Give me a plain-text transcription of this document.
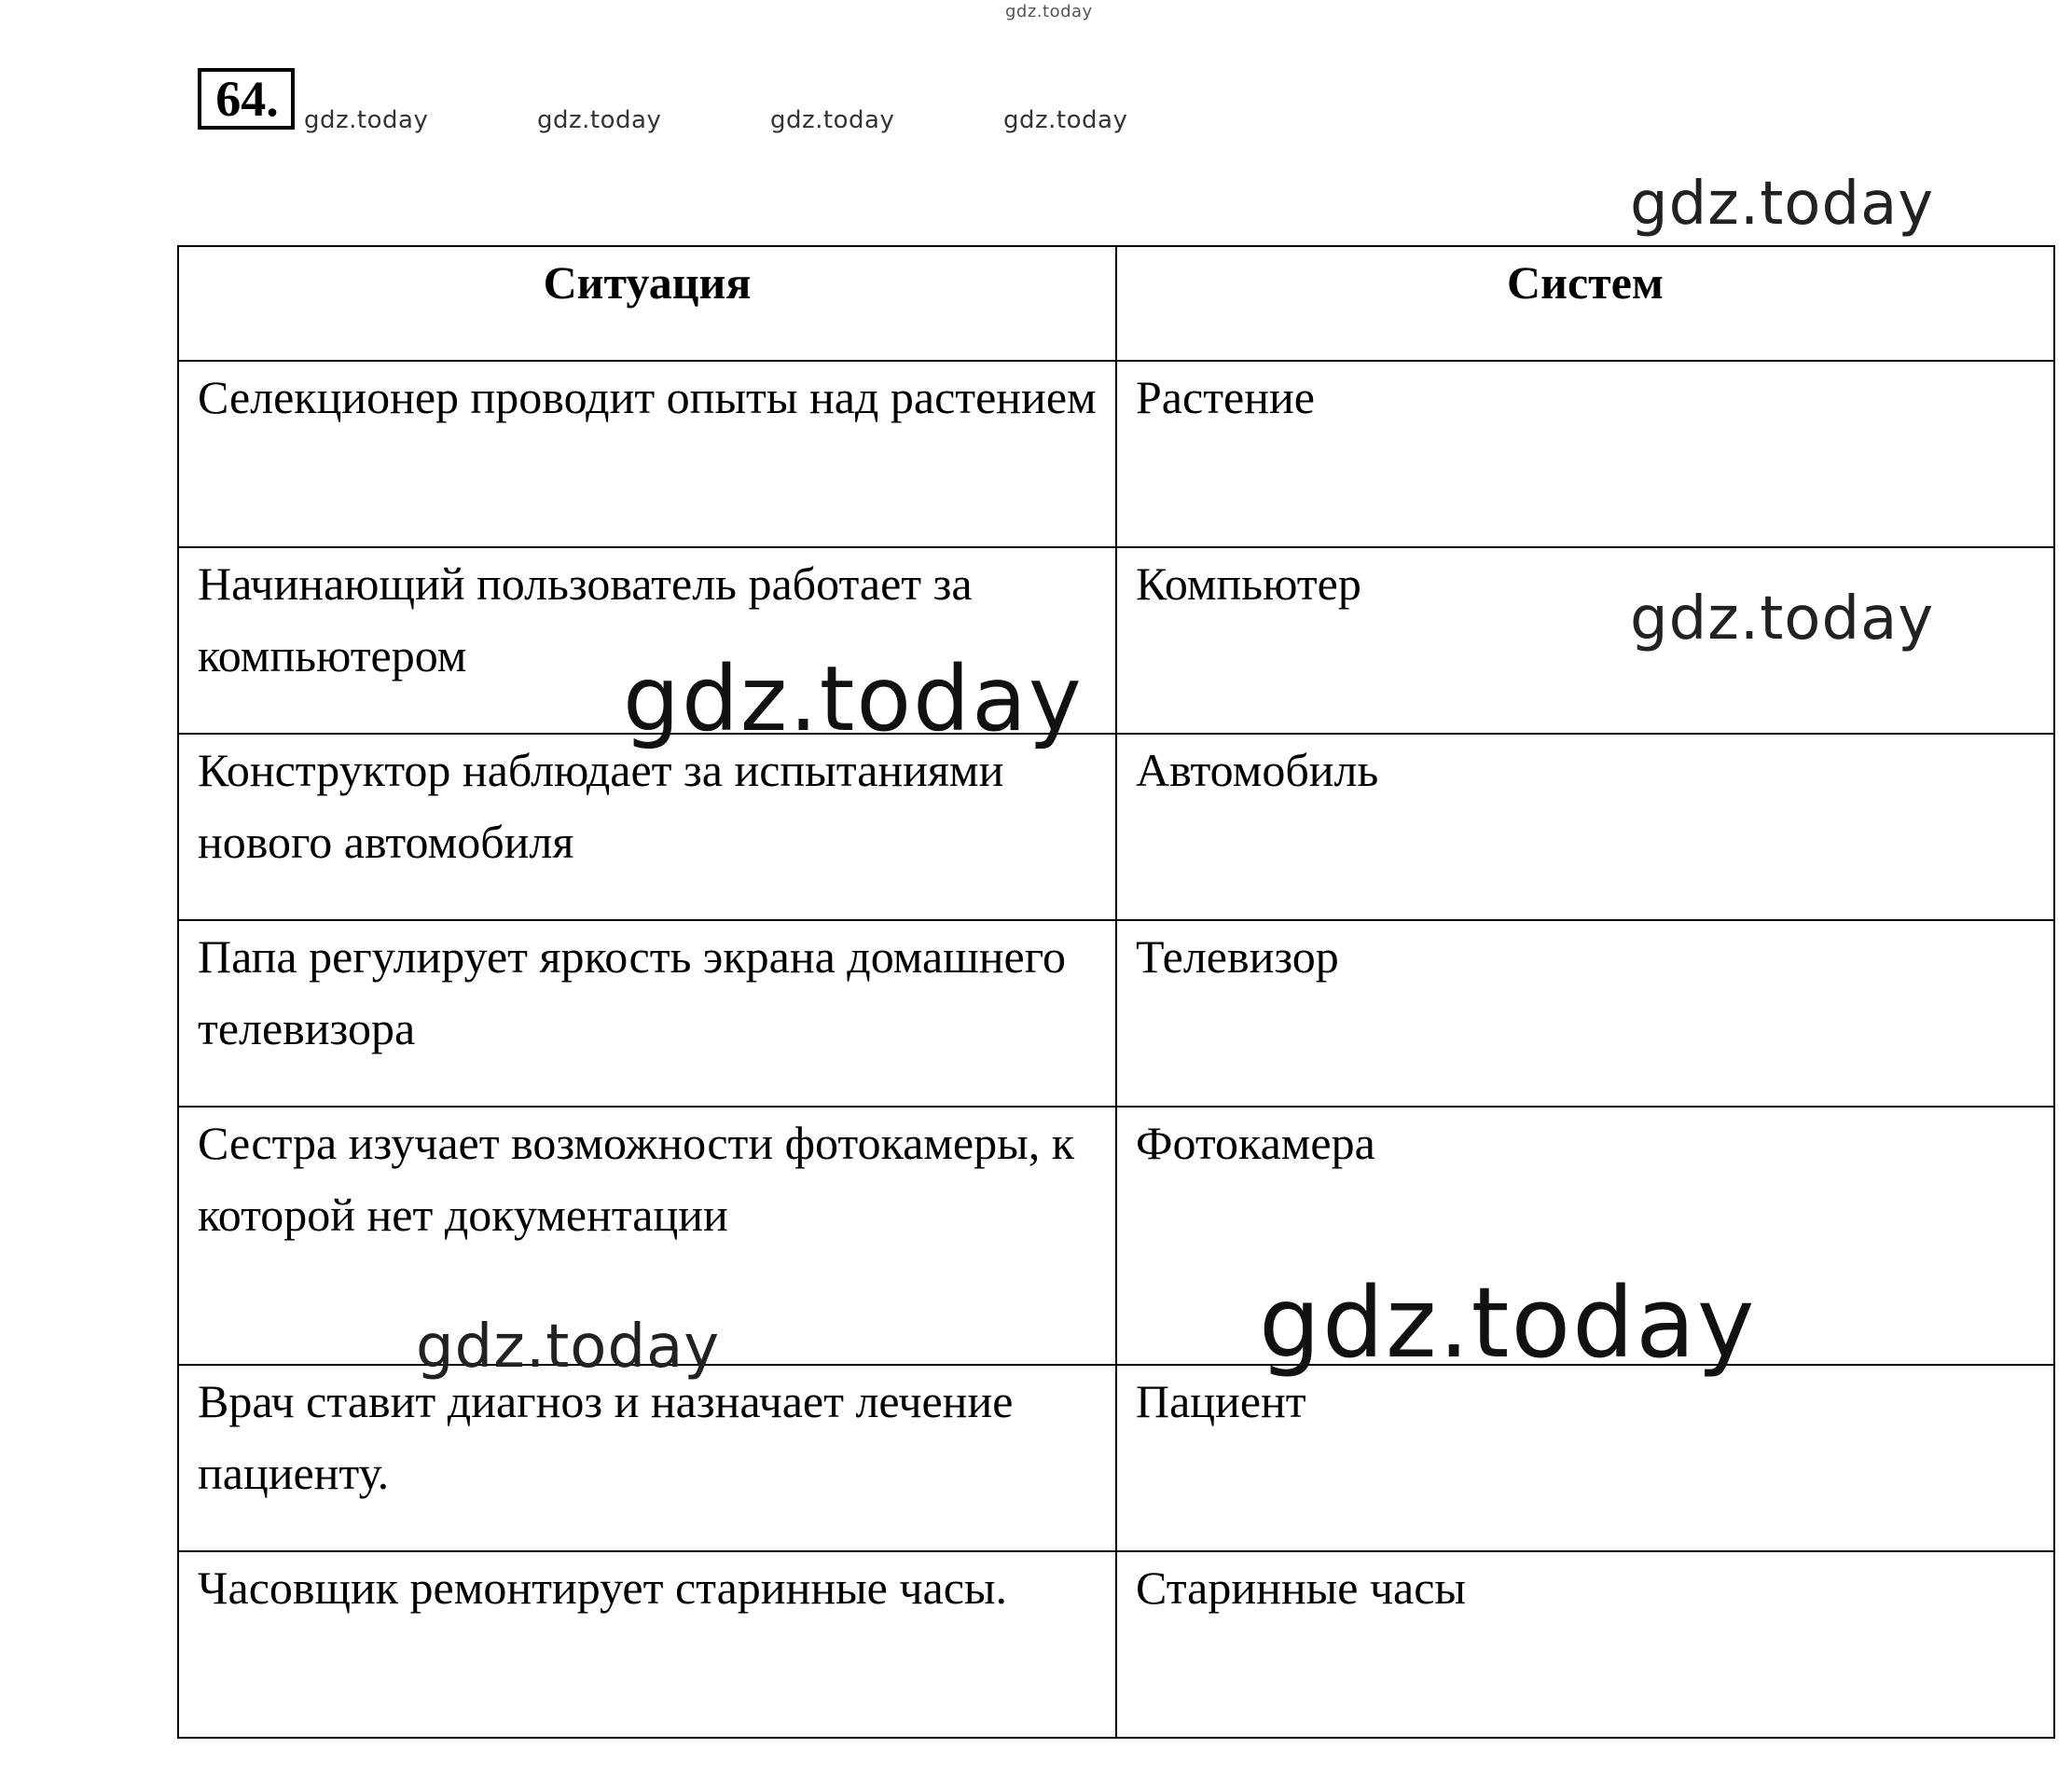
gdz.today
64.	gdz.today	gdz.today	gdz.today	gdz.today
gdz.today
Ситуация	Систем
Селекционер проводит опыты над растением	Растение
Начинающий пользователь работает за компьютером	Компьютер
Конструктор наблюдает за испытаниями нового автомобиля	Автомобиль
Папа регулирует яркость экрана домашнего телевизора	Телевизор
Сестра изучает возможности фотокамеры, к которой нет документации	Фотокамера
Врач ставит диагноз и назначает лечение пациенту.	Пациент
Часовщик ремонтирует старинные часы.	Старинные часы
gdz.today
gdz.today
gdz.today	gdz.today
